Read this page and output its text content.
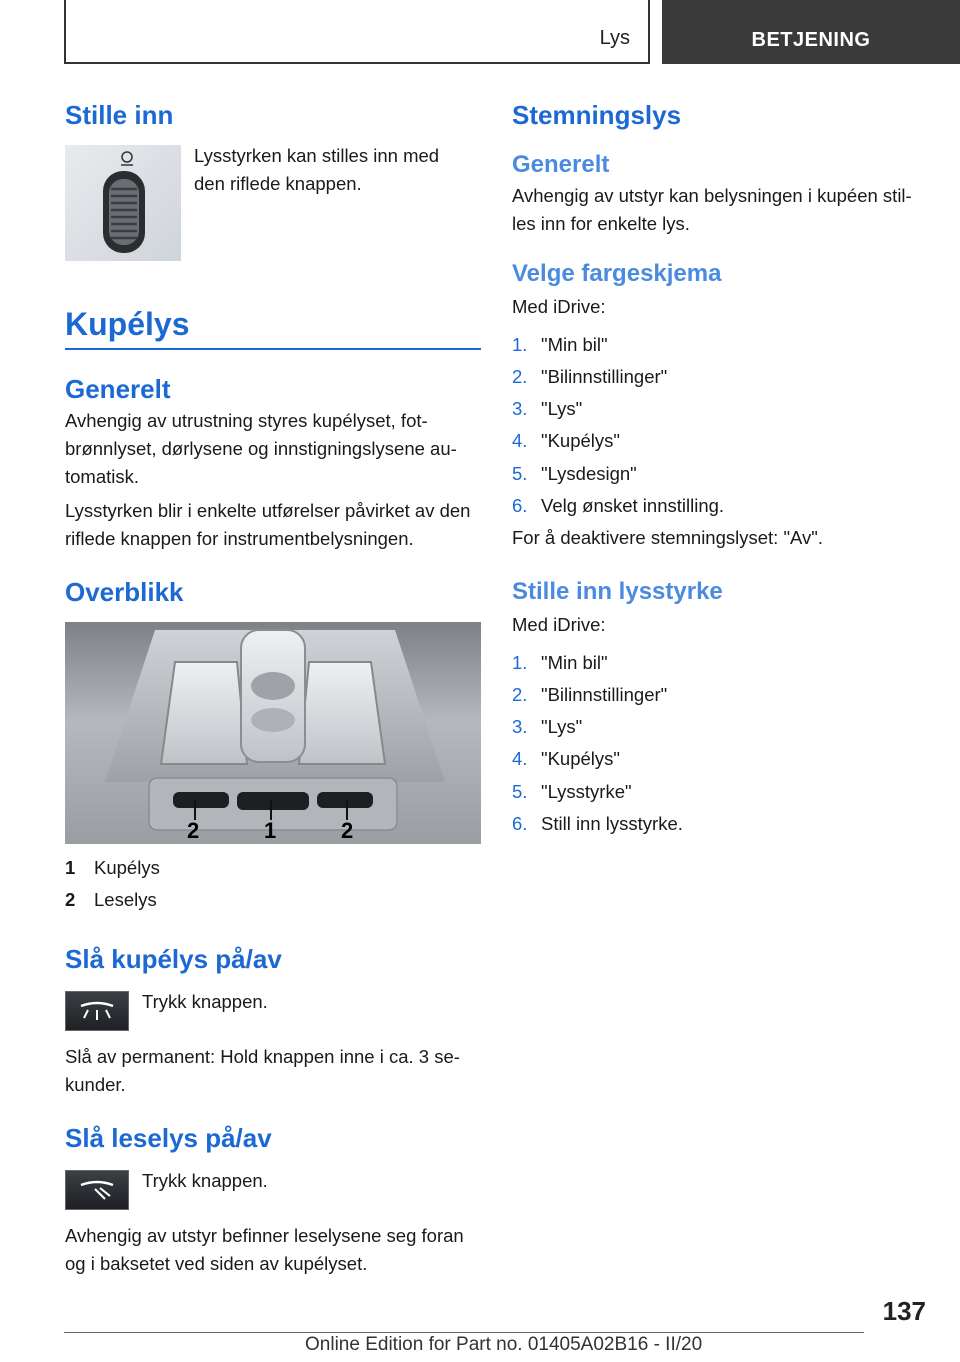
Lys	BETJENING
Stille inn
Lysstyrken kan stilles inn med den riflede knappen.
Kupélys
Generelt
Avhengig av utrustning styres kupélyset, fotbrønnlyset, dørlysene og innstigningslysene automatisk.
Lysstyrken blir i enkelte utførelser påvirket av den riflede knappen for instrumentbelysningen.
Overblikk
2	1	2
1	Kupélys
2	Leselys
Slå kupélys på/av
Trykk knappen.
Slå av permanent: Hold knappen inne i ca. 3 sekunder.
Slå leselys på/av
Trykk knappen.
Avhengig av utstyr befinner leselysene seg foran og i baksetet ved siden av kupélyset.
Stemningslys
Generelt
Avhengig av utstyr kan belysningen i kupéen stilles inn for enkelte lys.
Velge fargeskjema
Med iDrive:
1. "Min bil"
2. "Bilinnstillinger"
3. "Lys"
4. "Kupélys"
5. "Lysdesign"
6. Velg ønsket innstilling.
For å deaktivere stemningslyset: "Av".
Stille inn lysstyrke
Med iDrive:
1. "Min bil"
2. "Bilinnstillinger"
3. "Lys"
4. "Kupélys"
5. "Lysstyrke"
6. Still inn lysstyrke.
137
Online Edition for Part no. 01405A02B16 - II/20
